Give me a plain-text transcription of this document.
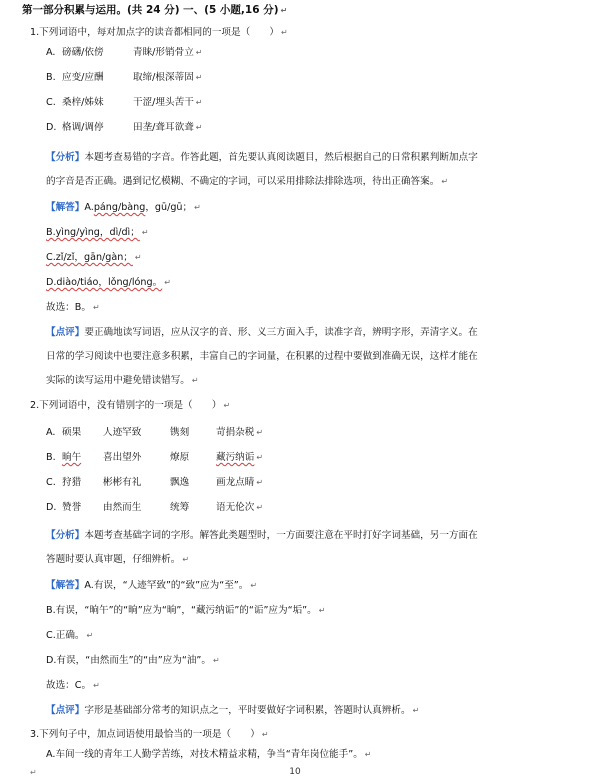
第一部分积累与运用。(共 24 分) 一、(5 小题,16 分) ↵
1.下列词语中，每对加点字的读音都相同的一项是（　　） ↵
A. 磅礴/依傍	青睐/形销骨立 ↵
B. 应变/应酬	取缔/根深蒂固 ↵
C. 桑梓/姊妹	干涩/埋头苦干 ↵
D. 格调/调停	田垄/聋耳欲聋 ↵
【分析】本题考查易错的字音。作答此题，首先要认真阅读题目，然后根据自己的日常积累判断加点字
的字音是否正确。遇到记忆模糊、不确定的字词，可以采用排除法排除选项，待出正确答案。 ↵
【解答】A.páng/bàng，gū/gū； ↵
B.yìng/yìng，dì/dì； ↵
C.zǐ/zǐ，gān/gàn； ↵
D.diào/tiáo，lǒng/lóng。 ↵
故选：B。 ↵
【点评】要正确地读写词语，应从汉字的音、形、义三方面入手，读准字音，辨明字形，弄清字义。在
日常的学习阅读中也要注意多积累，丰富自己的字词量，在积累的过程中要做到准确无误，这样才能在
实际的读写运用中避免错读错写。 ↵
2.下列词语中，没有错别字的一项是（　　） ↵
A. 硕果 人迹罕致	镌刻	苛捐杂税 ↵
B. 晌午 喜出望外	燎原	藏污纳诟 ↵
C. 狩猎 彬彬有礼	飘逸	画龙点睛 ↵
D. 赞誉 由然而生	统筹	语无伦次 ↵
【分析】本题考查基础字词的字形。解答此类题型时，一方面要注意在平时打好字词基础，另一方面在
答题时要认真审题，仔细辨析。 ↵
【解答】A.有误，“人迹罕致”的“致”应为“至”。 ↵
B.有误，“晌午”的“晌”应为“晌”，“藏污纳诟”的“诟”应为“垢”。 ↵
C.正确。 ↵
D.有误，“由然而生”的“由”应为“油”。 ↵
故选：C。 ↵
【点评】字形是基础部分常考的知识点之一，平时要做好字词积累，答题时认真辨析。 ↵
3.下列句子中，加点词语使用最恰当的一项是（　　） ↵
A.车间一线的青年工人勤学苦练，对技术精益求精，争当“青年岗位能手”。 ↵
↵	10
